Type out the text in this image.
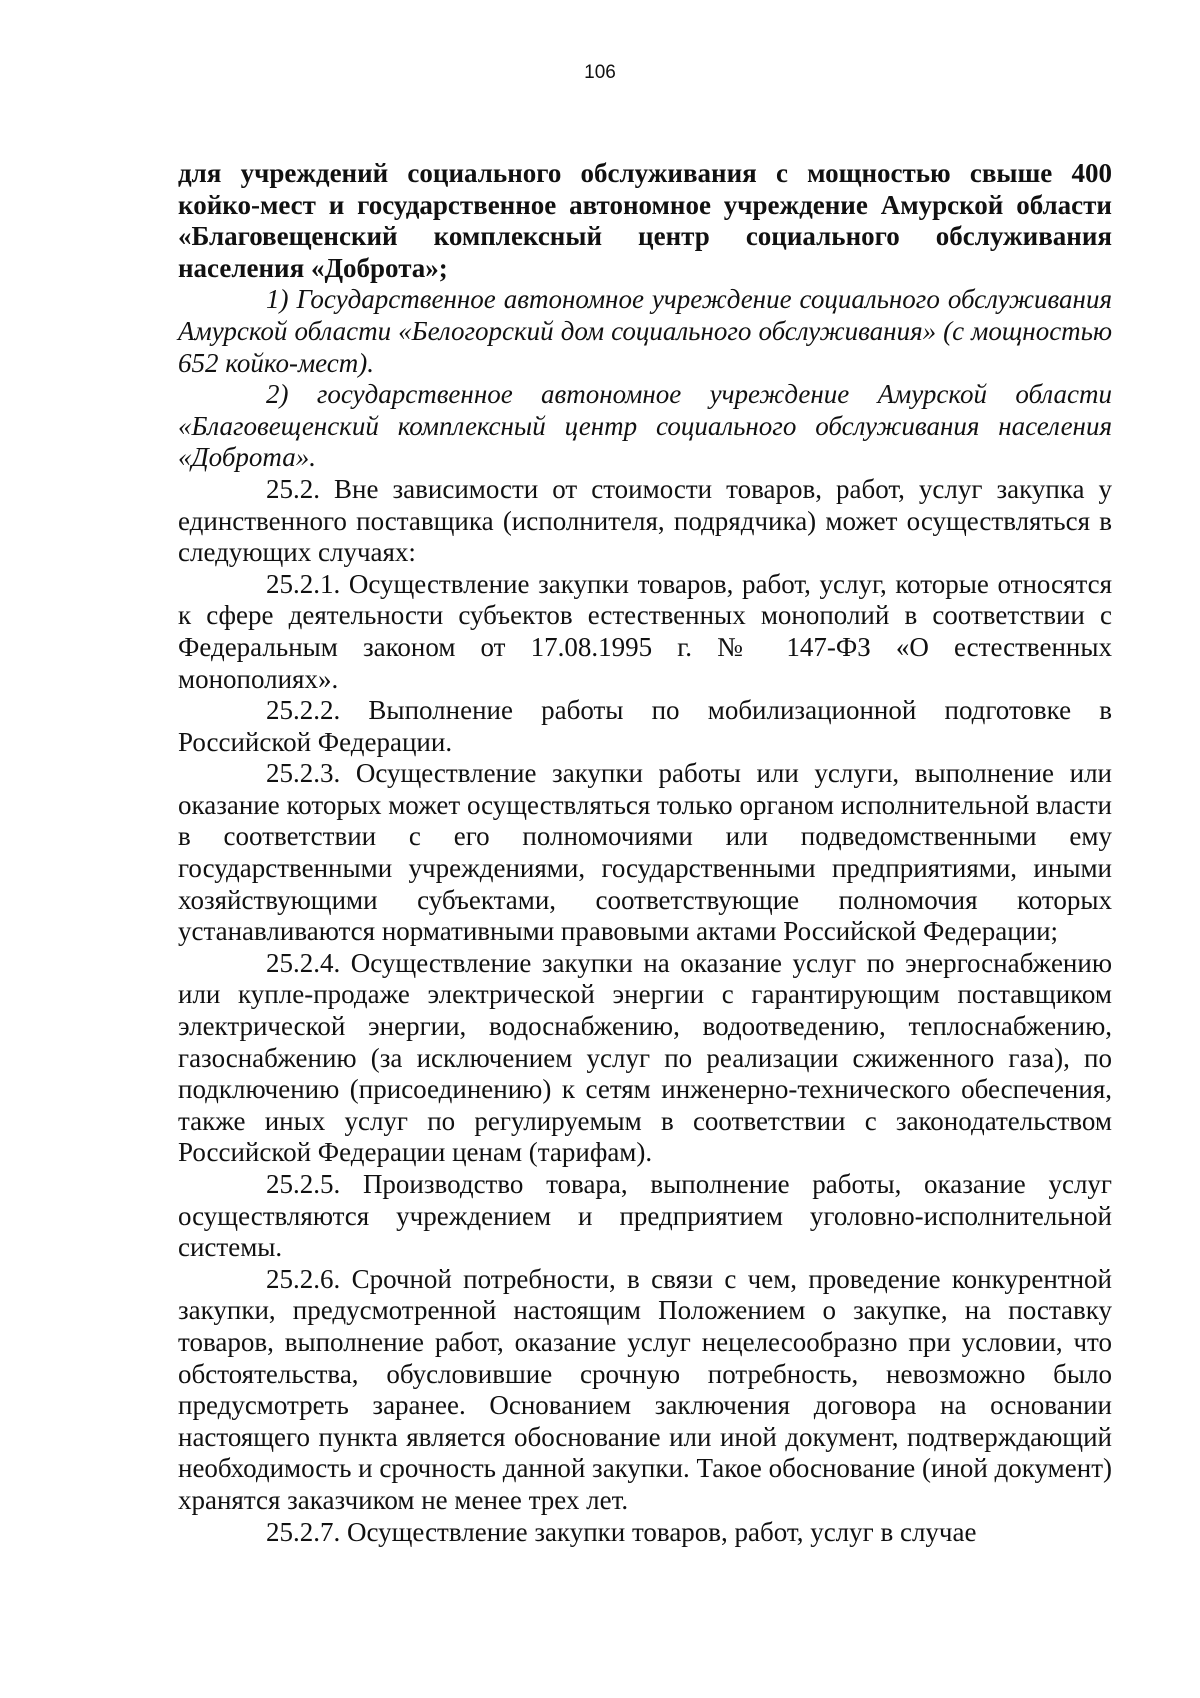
106

для учреждений социального обслуживания с мощностью свыше 400 койко-мест и государственное автономное учреждение Амурской области «Благовещенский комплексный центр социального обслуживания населения «Доброта»;

1) Государственное автономное учреждение социального обслуживания Амурской области «Белогорский дом социального обслуживания» (с мощностью 652 койко-мест).

2) государственное автономное учреждение Амурской области «Благовещенский комплексный центр социального обслуживания населения «Доброта».

25.2. Вне зависимости от стоимости товаров, работ, услуг закупка у единственного поставщика (исполнителя, подрядчика) может осуществляться в следующих случаях:

25.2.1. Осуществление закупки товаров, работ, услуг, которые относятся к сфере деятельности субъектов естественных монополий в соответствии с Федеральным законом от 17.08.1995 г. № 147-ФЗ «О естественных монополиях».

25.2.2. Выполнение работы по мобилизационной подготовке в Российской Федерации.

25.2.3. Осуществление закупки работы или услуги, выполнение или оказание которых может осуществляться только органом исполнительной власти в соответствии с его полномочиями или подведомственными ему государственными учреждениями, государственными предприятиями, иными хозяйствующими субъектами, соответствующие полномочия которых устанавливаются нормативными правовыми актами Российской Федерации;

25.2.4. Осуществление закупки на оказание услуг по энергоснабжению или купле-продаже электрической энергии с гарантирующим поставщиком электрической энергии, водоснабжению, водоотведению, теплоснабжению, газоснабжению (за исключением услуг по реализации сжиженного газа), по подключению (присоединению) к сетям инженерно-технического обеспечения, также иных услуг по регулируемым в соответствии с законодательством Российской Федерации ценам (тарифам).

25.2.5. Производство товара, выполнение работы, оказание услуг осуществляются учреждением и предприятием уголовно-исполнительной системы.

25.2.6. Срочной потребности, в связи с чем, проведение конкурентной закупки, предусмотренной настоящим Положением о закупке, на поставку товаров, выполнение работ, оказание услуг нецелесообразно при условии, что обстоятельства, обусловившие срочную потребность, невозможно было предусмотреть заранее. Основанием заключения договора на основании настоящего пункта является обоснование или иной документ, подтверждающий необходимость и срочность данной закупки. Такое обоснование (иной документ) хранятся заказчиком не менее трех лет.

25.2.7. Осуществление закупки товаров, работ, услуг в случае
